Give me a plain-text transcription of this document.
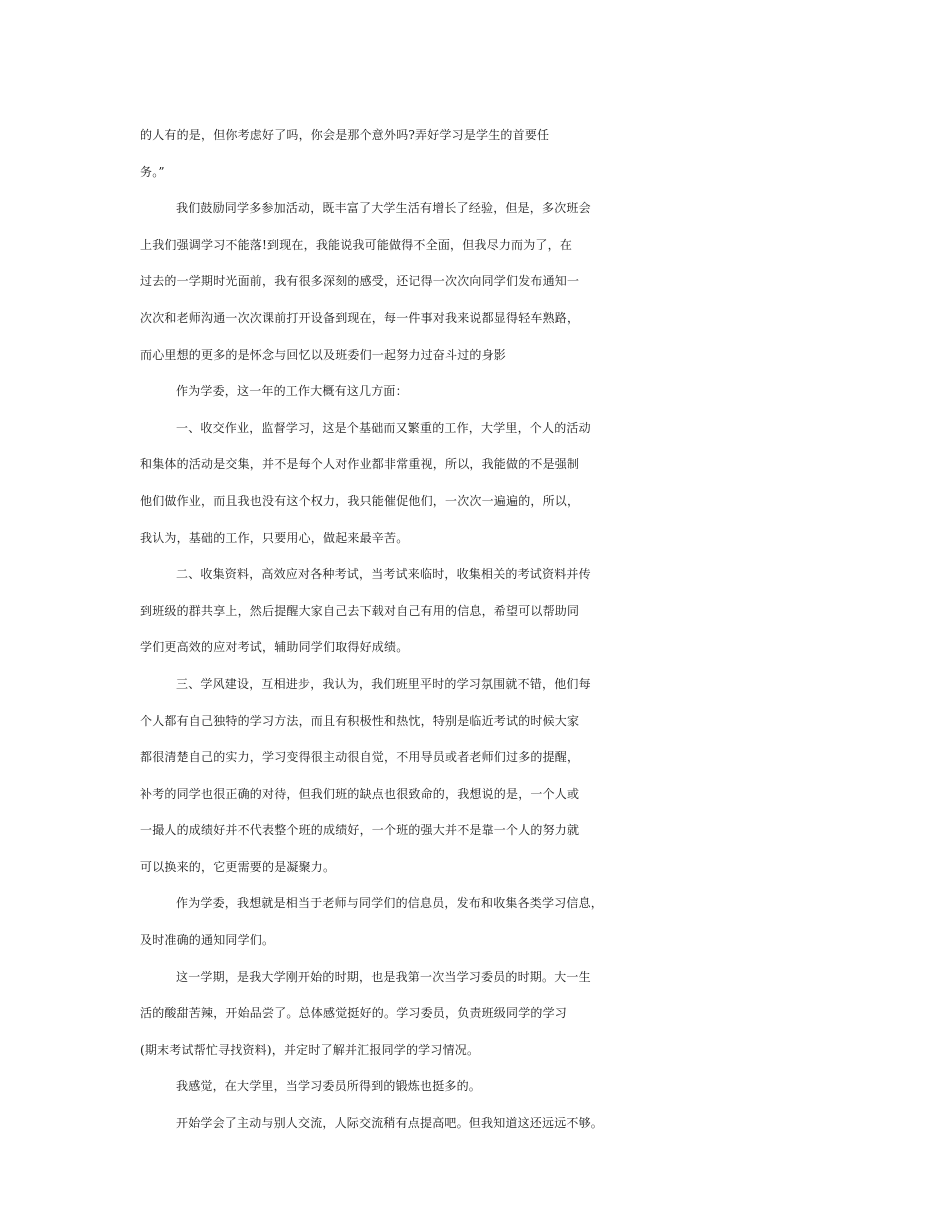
的人有的是，但你考虑好了吗，你会是那个意外吗?弄好学习是学生的首要任
务。”
我们鼓励同学多参加活动，既丰富了大学生活有增长了经验，但是，多次班会
上我们强调学习不能落!到现在，我能说我可能做得不全面，但我尽力而为了，在
过去的一学期时光面前，我有很多深刻的感受，还记得一次次向同学们发布通知一
次次和老师沟通一次次课前打开设备到现在，每一件事对我来说都显得轻车熟路，
而心里想的更多的是怀念与回忆以及班委们一起努力过奋斗过的身影
作为学委，这一年的工作大概有这几方面：
一、收交作业，监督学习，这是个基础而又繁重的工作，大学里，个人的活动
和集体的活动是交集，并不是每个人对作业都非常重视，所以，我能做的不是强制
他们做作业，而且我也没有这个权力，我只能催促他们，一次次一遍遍的，所以，
我认为，基础的工作，只要用心，做起来最辛苦。
二、收集资料，高效应对各种考试，当考试来临时，收集相关的考试资料并传
到班级的群共享上，然后提醒大家自己去下载对自己有用的信息，希望可以帮助同
学们更高效的应对考试，辅助同学们取得好成绩。
三、学风建设，互相进步，我认为，我们班里平时的学习氛围就不错，他们每
个人都有自己独特的学习方法，而且有积极性和热忱，特别是临近考试的时候大家
都很清楚自己的实力，学习变得很主动很自觉，不用导员或者老师们过多的提醒，
补考的同学也很正确的对待，但我们班的缺点也很致命的，我想说的是，一个人或
一撮人的成绩好并不代表整个班的成绩好，一个班的强大并不是靠一个人的努力就
可以换来的，它更需要的是凝聚力。
作为学委，我想就是相当于老师与同学们的信息员，发布和收集各类学习信息，
及时准确的通知同学们。
这一学期，是我大学刚开始的时期，也是我第一次当学习委员的时期。大一生
活的酸甜苦辣，开始品尝了。总体感觉挺好的。学习委员，负责班级同学的学习
(期末考试帮忙寻找资料)，并定时了解并汇报同学的学习情况。
我感觉，在大学里，当学习委员所得到的锻炼也挺多的。
开始学会了主动与别人交流，人际交流稍有点提高吧。但我知道这还远远不够。
